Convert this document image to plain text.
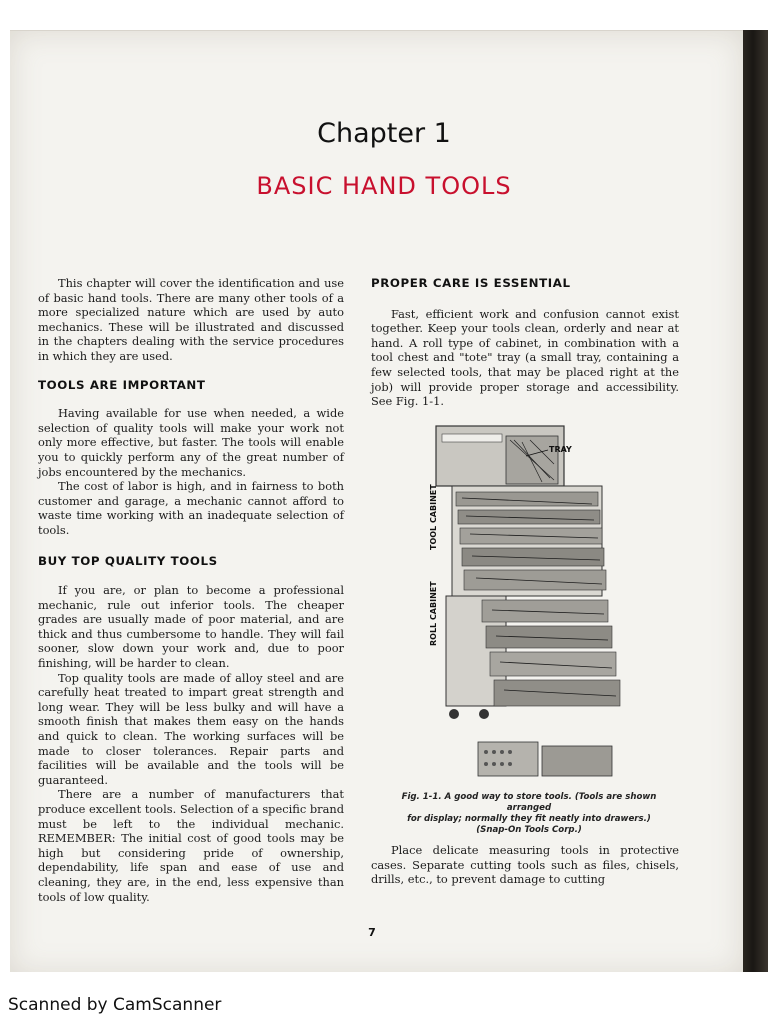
Chapter 1
BASIC HAND TOOLS

This chapter will cover the identification and use of basic hand tools. There are many other tools of a more specialized nature which are used by auto mechanics. These will be illustrated and discussed in the chapters dealing with the service procedures in which they are used.

TOOLS ARE IMPORTANT

Having available for use when needed, a wide selection of quality tools will make your work not only more effective, but faster. The tools will enable you to quickly perform any of the great number of jobs encountered by the mechanics.

The cost of labor is high, and in fairness to both customer and garage, a mechanic cannot afford to waste time working with an inadequate selection of tools.

BUY TOP QUALITY TOOLS

If you are, or plan to become a professional mechanic, rule out inferior tools. The cheaper grades are usually made of poor material, and are thick and thus cumbersome to handle. They will fail sooner, slow down your work and, due to poor finishing, will be harder to clean.

Top quality tools are made of alloy steel and are carefully heat treated to impart great strength and long wear. They will be less bulky and will have a smooth finish that makes them easy on the hands and quick to clean. The working surfaces will be made to closer tolerances. Repair parts and facilities will be available and the tools will be guaranteed.

There are a number of manufacturers that produce excellent tools. Selection of a specific brand must be left to the individual mechanic. REMEMBER: The initial cost of good tools may be high but considering pride of ownership, dependability, life span and ease of use and cleaning, they are, in the end, less expensive than tools of low quality.

PROPER CARE IS ESSENTIAL

Fast, efficient work and confusion cannot exist together. Keep your tools clean, orderly and near at hand. A roll type of cabinet, in combination with a tool chest and "tote" tray (a small tray, containing a few selected tools, that may be placed right at the job) will provide proper storage and accessibility. See Fig. 1-1.

TRAY
TOOL CABINET
ROLL CABINET
Fig. 1-1. A good way to store tools. (Tools are shown arranged
for display; normally they fit neatly into drawers.)
(Snap-On Tools Corp.)

Place delicate measuring tools in protective cases. Separate cutting tools such as files, chisels, drills, etc., to prevent damage to cutting

7
Scanned by CamScanner
